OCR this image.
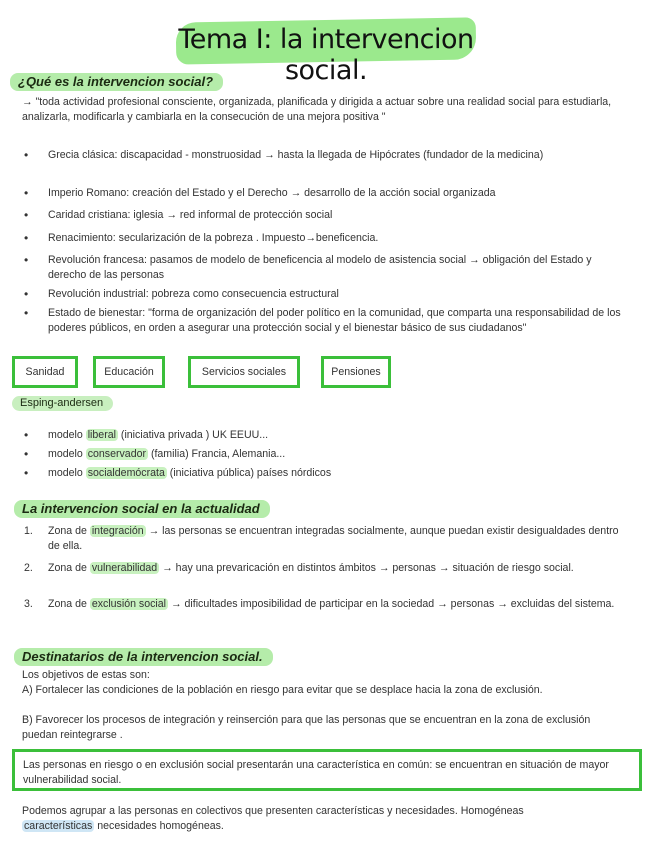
Tema I: la intervencion social.
¿Qué es la intervencion social?
→ "toda actividad profesional consciente, organizada, planificada y dirigida a actuar sobre una realidad social para estudiarla, analizarla, modificarla y cambiarla en la consecución de una mejora positiva "
• Grecia clásica: discapacidad - monstruosidad → hasta la llegada de Hipócrates (fundador de la medicina)
• Imperio Romano: creación del Estado y el Derecho → desarrollo de la acción social organizada
• Caridad cristiana: iglesia → red informal de protección social
• Renacimiento: secularización de la pobreza . Impuesto→beneficencia.
• Revolución francesa: pasamos de modelo de beneficencia al modelo de asistencia social → obligación del Estado y derecho de las personas
• Revolución industrial: pobreza como consecuencia estructural
• Estado de bienestar: "forma de organización del poder político en la comunidad, que comparta una responsabilidad de los poderes públicos, en orden a asegurar una protección social y el bienestar básico de sus ciudadanos"
Sanidad	Educación	Servicios sociales	Pensiones
Esping-andersen
• modelo liberal (iniciativa privada ) UK EEUU...
• modelo conservador (familia) Francia, Alemania...
• modelo socialdemócrata (iniciativa pública) países nórdicos
La intervencion social en la actualidad
1. Zona de integración → las personas se encuentran integradas socialmente, aunque puedan existir desigualdades dentro de ella.
2. Zona de vulnerabilidad → hay una prevaricación en distintos ámbitos → personas → situación de riesgo social.
3. Zona de exclusión social → dificultades imposibilidad de participar en la sociedad → personas → excluidas del sistema.
Destinatarios de la intervencion social.
Los objetivos de estas son:
A) Fortalecer las condiciones de la población en riesgo para evitar que se desplace hacia la zona de exclusión.
B) Favorecer los procesos de integración y reinserción para que las personas que se encuentran en la zona de exclusión puedan reintegrarse .
Las personas en riesgo o en exclusión social presentarán una característica en común: se encuentran en situación de mayor vulnerabilidad social.
Podemos agrupar a las personas en colectivos que presenten características y necesidades. Homogéneas
características necesidades homogéneas.
